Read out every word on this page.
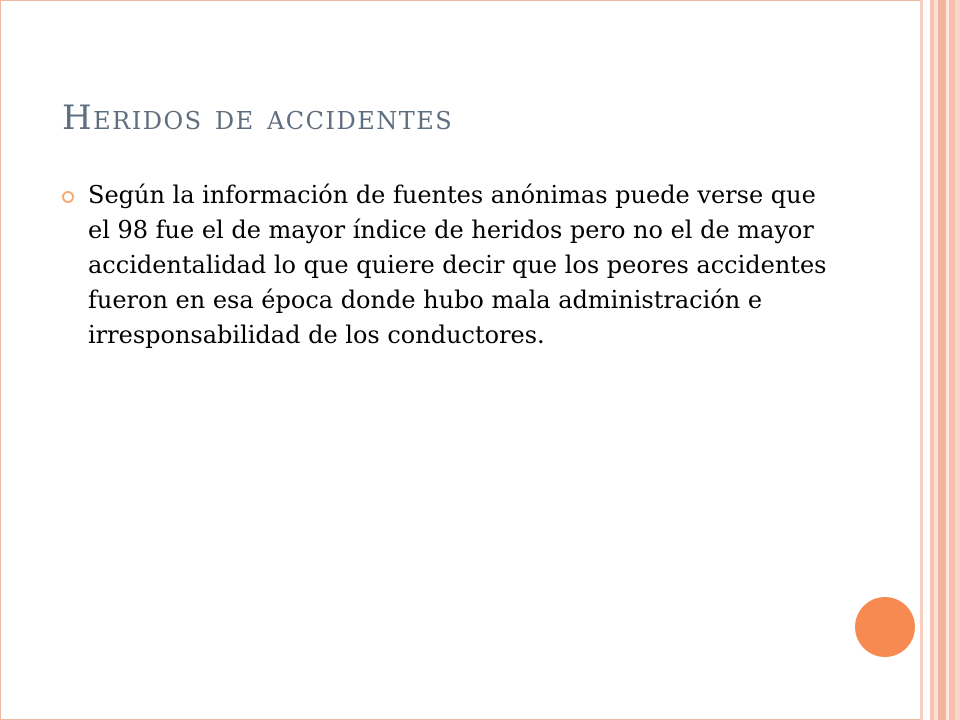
Heridos de accidentes
Según la información de fuentes anónimas puede verse que el 98 fue el de mayor índice de heridos pero no el de mayor accidentalidad lo que quiere decir que los peores accidentes fueron en esa época donde hubo mala administración e irresponsabilidad de los conductores.
